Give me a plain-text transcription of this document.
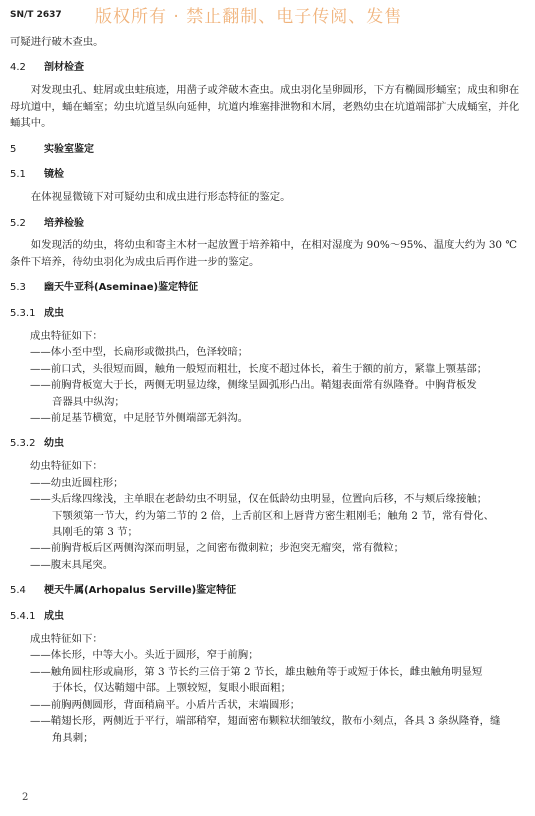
SN/T 2637 版权所有 · 禁止翻制、电子传阅、发售

可疑进行破木查虫。

4.2 剖材检查

对发现虫孔、蛀屑或虫蛀痕迹，用凿子或斧破木查虫。成虫羽化呈卵圆形，下方有椭圆形蛹室；成虫和卵在母坑道中，蛹在蛹室；幼虫坑道呈纵向延伸，坑道内堆塞排泄物和木屑，老熟幼虫在坑道端部扩大成蛹室，并化蛹其中。

5	实验室鉴定
5.1 镜检

在体视显微镜下对可疑幼虫和成虫进行形态特征的鉴定。

5.2 培养检验

如发现活的幼虫，将幼虫和寄主木材一起放置于培养箱中，在相对湿度为 90%～95%、温度大约为 30 ℃ 条件下培养，待幼虫羽化为成虫后再作进一步的鉴定。

5.3 幽天牛亚科(Aseminae)鉴定特征
5.3.1 成虫

成虫特征如下：

——体小至中型，长扁形或微拱凸，色泽较暗；
——前口式，头很短而圆，触角一般短而粗壮，长度不超过体长，着生于额的前方，紧靠上颚基部；
——前胸背板宽大于长，两侧无明显边缘，侧缘呈圆弧形凸出。鞘翅表面常有纵隆脊。中胸背板发
音器具中纵沟；
——前足基节横宽，中足胫节外侧端部无斜沟。
5.3.2 幼虫

幼虫特征如下：

——幼虫近圆柱形；
——头后缘四缘浅，主单眼在老龄幼虫不明显，仅在低龄幼虫明显，位置向后移，不与颊后缘接触；
下颚须第一节大，约为第二节的 2 倍，上舌前区和上唇背方密生粗刚毛；触角 2 节，常有骨化、
具刚毛的第 3 节；
——前胸背板后区两侧沟深而明显，之间密布微刺粒；步泡突无瘤突，常有微粒；
——腹末具尾突。
5.4 梗天牛属(Arhopalus Serville)鉴定特征
5.4.1 成虫

成虫特征如下：

——体长形，中等大小。头近于圆形，窄于前胸；
——触角圆柱形或扁形，第 3 节长约三倍于第 2 节长，雄虫触角等于或短于体长，雌虫触角明显短
于体长，仅达鞘翅中部。上颚较短，复眼小眼面粗；
——前胸两侧圆形，背面稍扁平。小盾片舌状，末端圆形；
——鞘翅长形，两侧近于平行，端部稍窄，翅面密布颗粒状细皱纹，散布小刻点，各具 3 条纵隆脊，缝
角具刺；
2
